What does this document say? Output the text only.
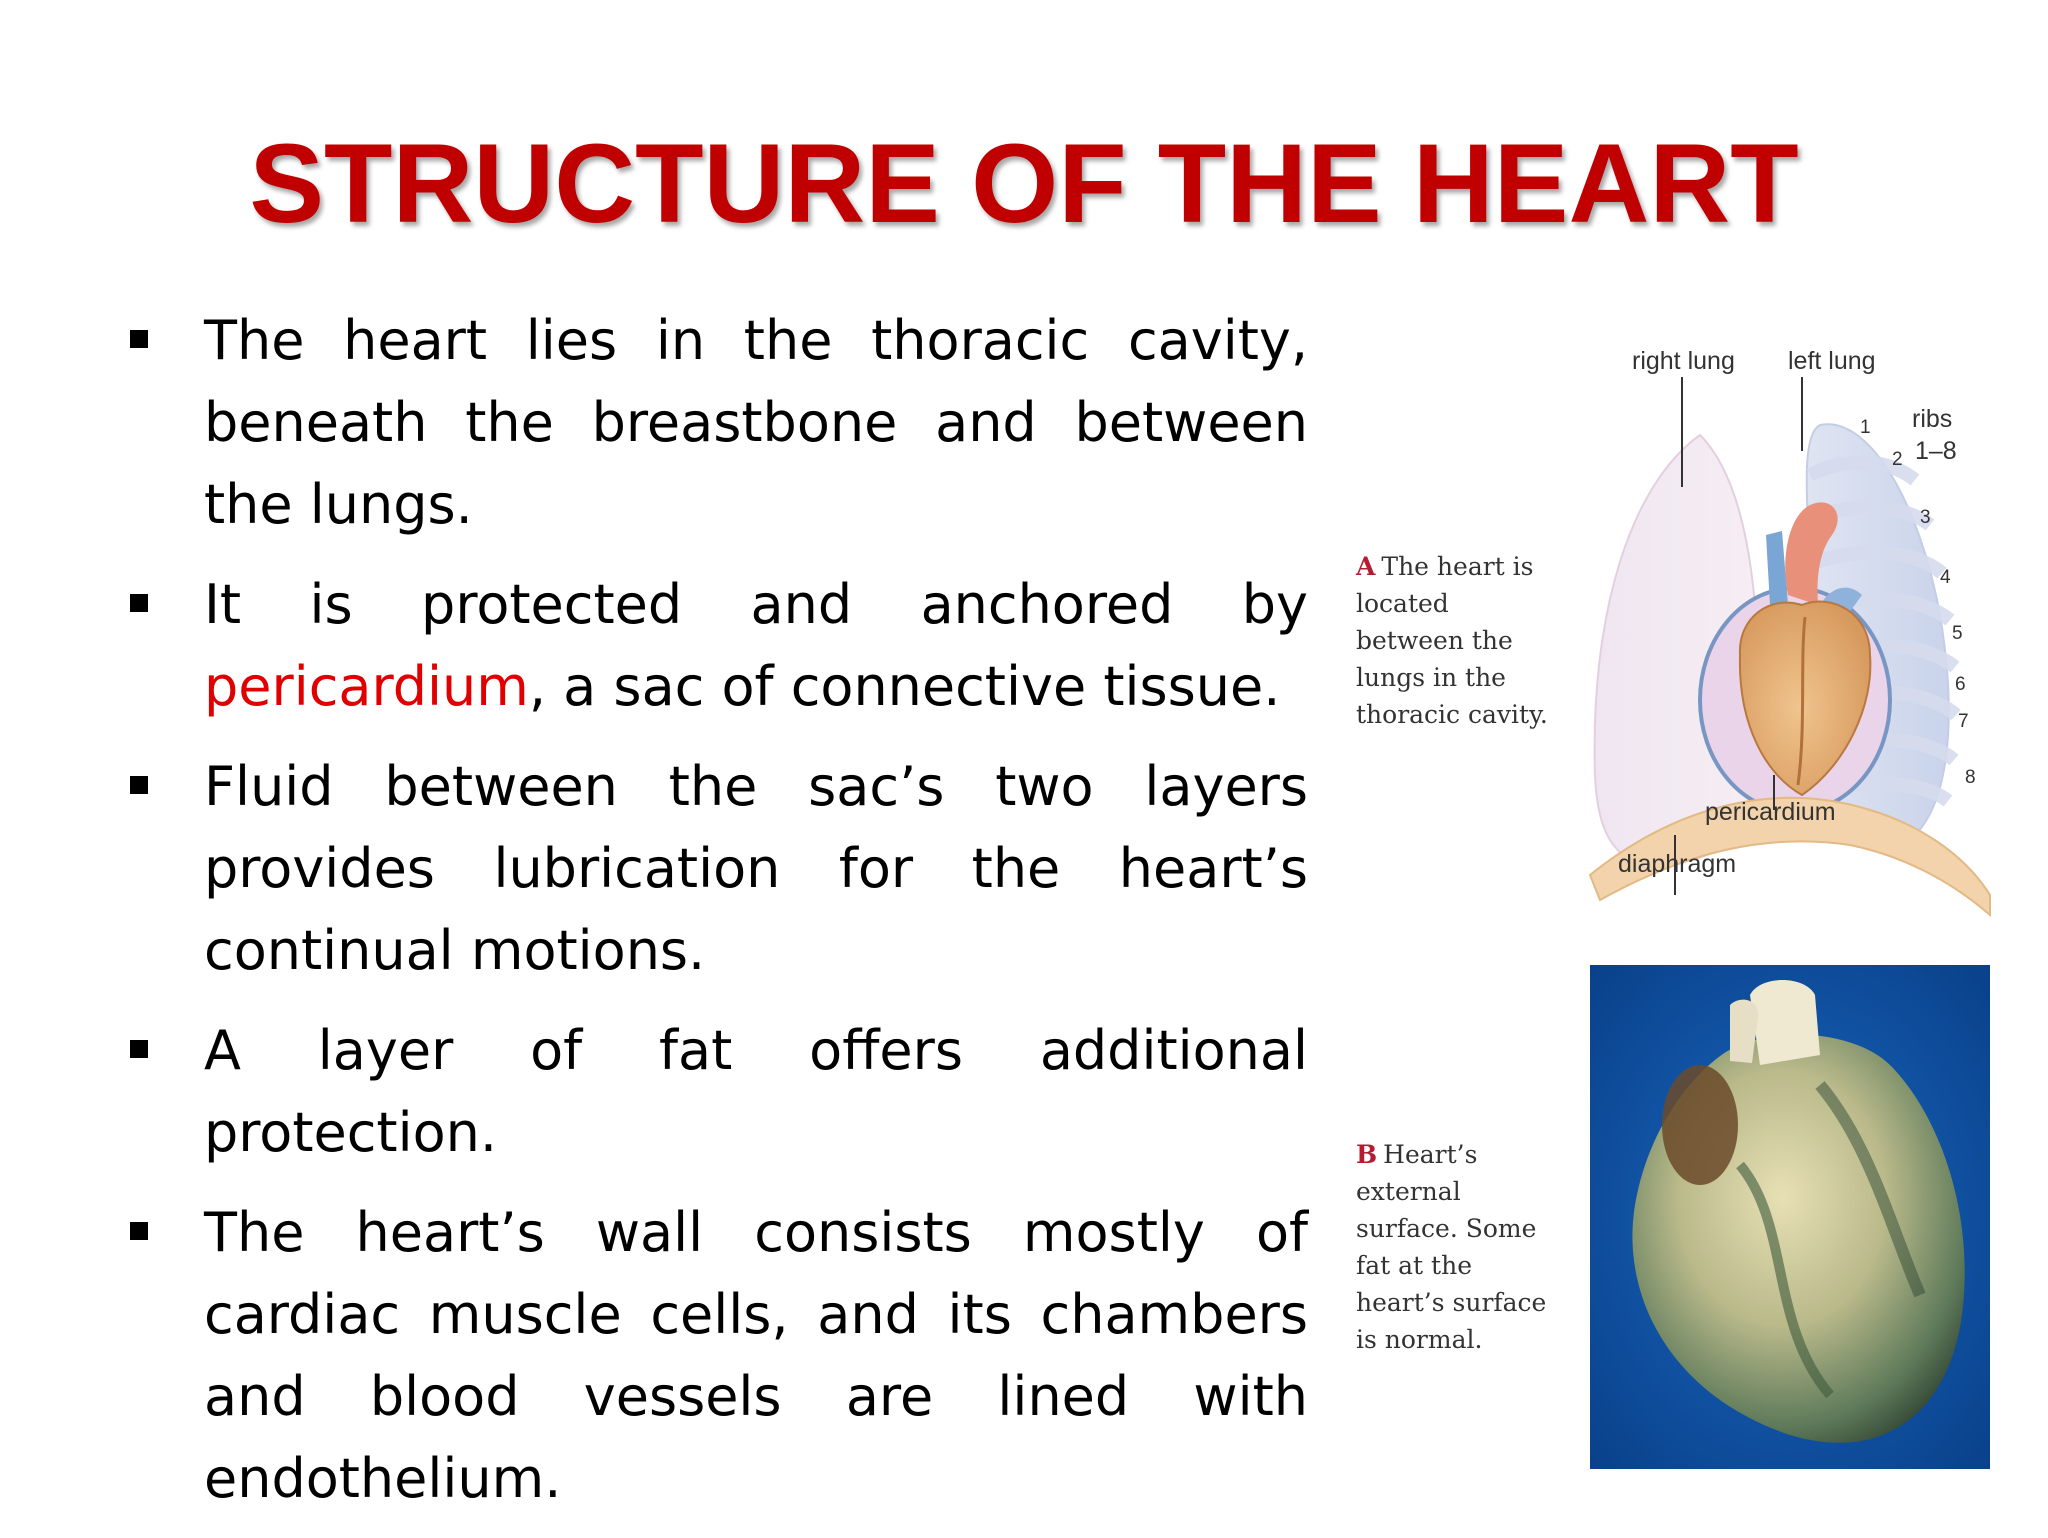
STRUCTURE OF THE HEART
The heart lies in the thoracic cavity, beneath the breastbone and between the lungs.
It is protected and anchored by pericardium, a sac of connective tissue.
Fluid between the sac’s two layers provides lubrication for the heart’s continual motions.
A layer of fat offers additional protection.
The heart’s wall consists mostly of cardiac muscle cells, and its chambers and blood vessels are lined with endothelium.
A The heart is located between the lungs in the thoracic cavity.
right lung left lung
ribs
1–8
pericardium
diaphragm
1
2
3
4
5
6
7
8
B Heart’s external surface. Some fat at the heart’s surface is normal.
